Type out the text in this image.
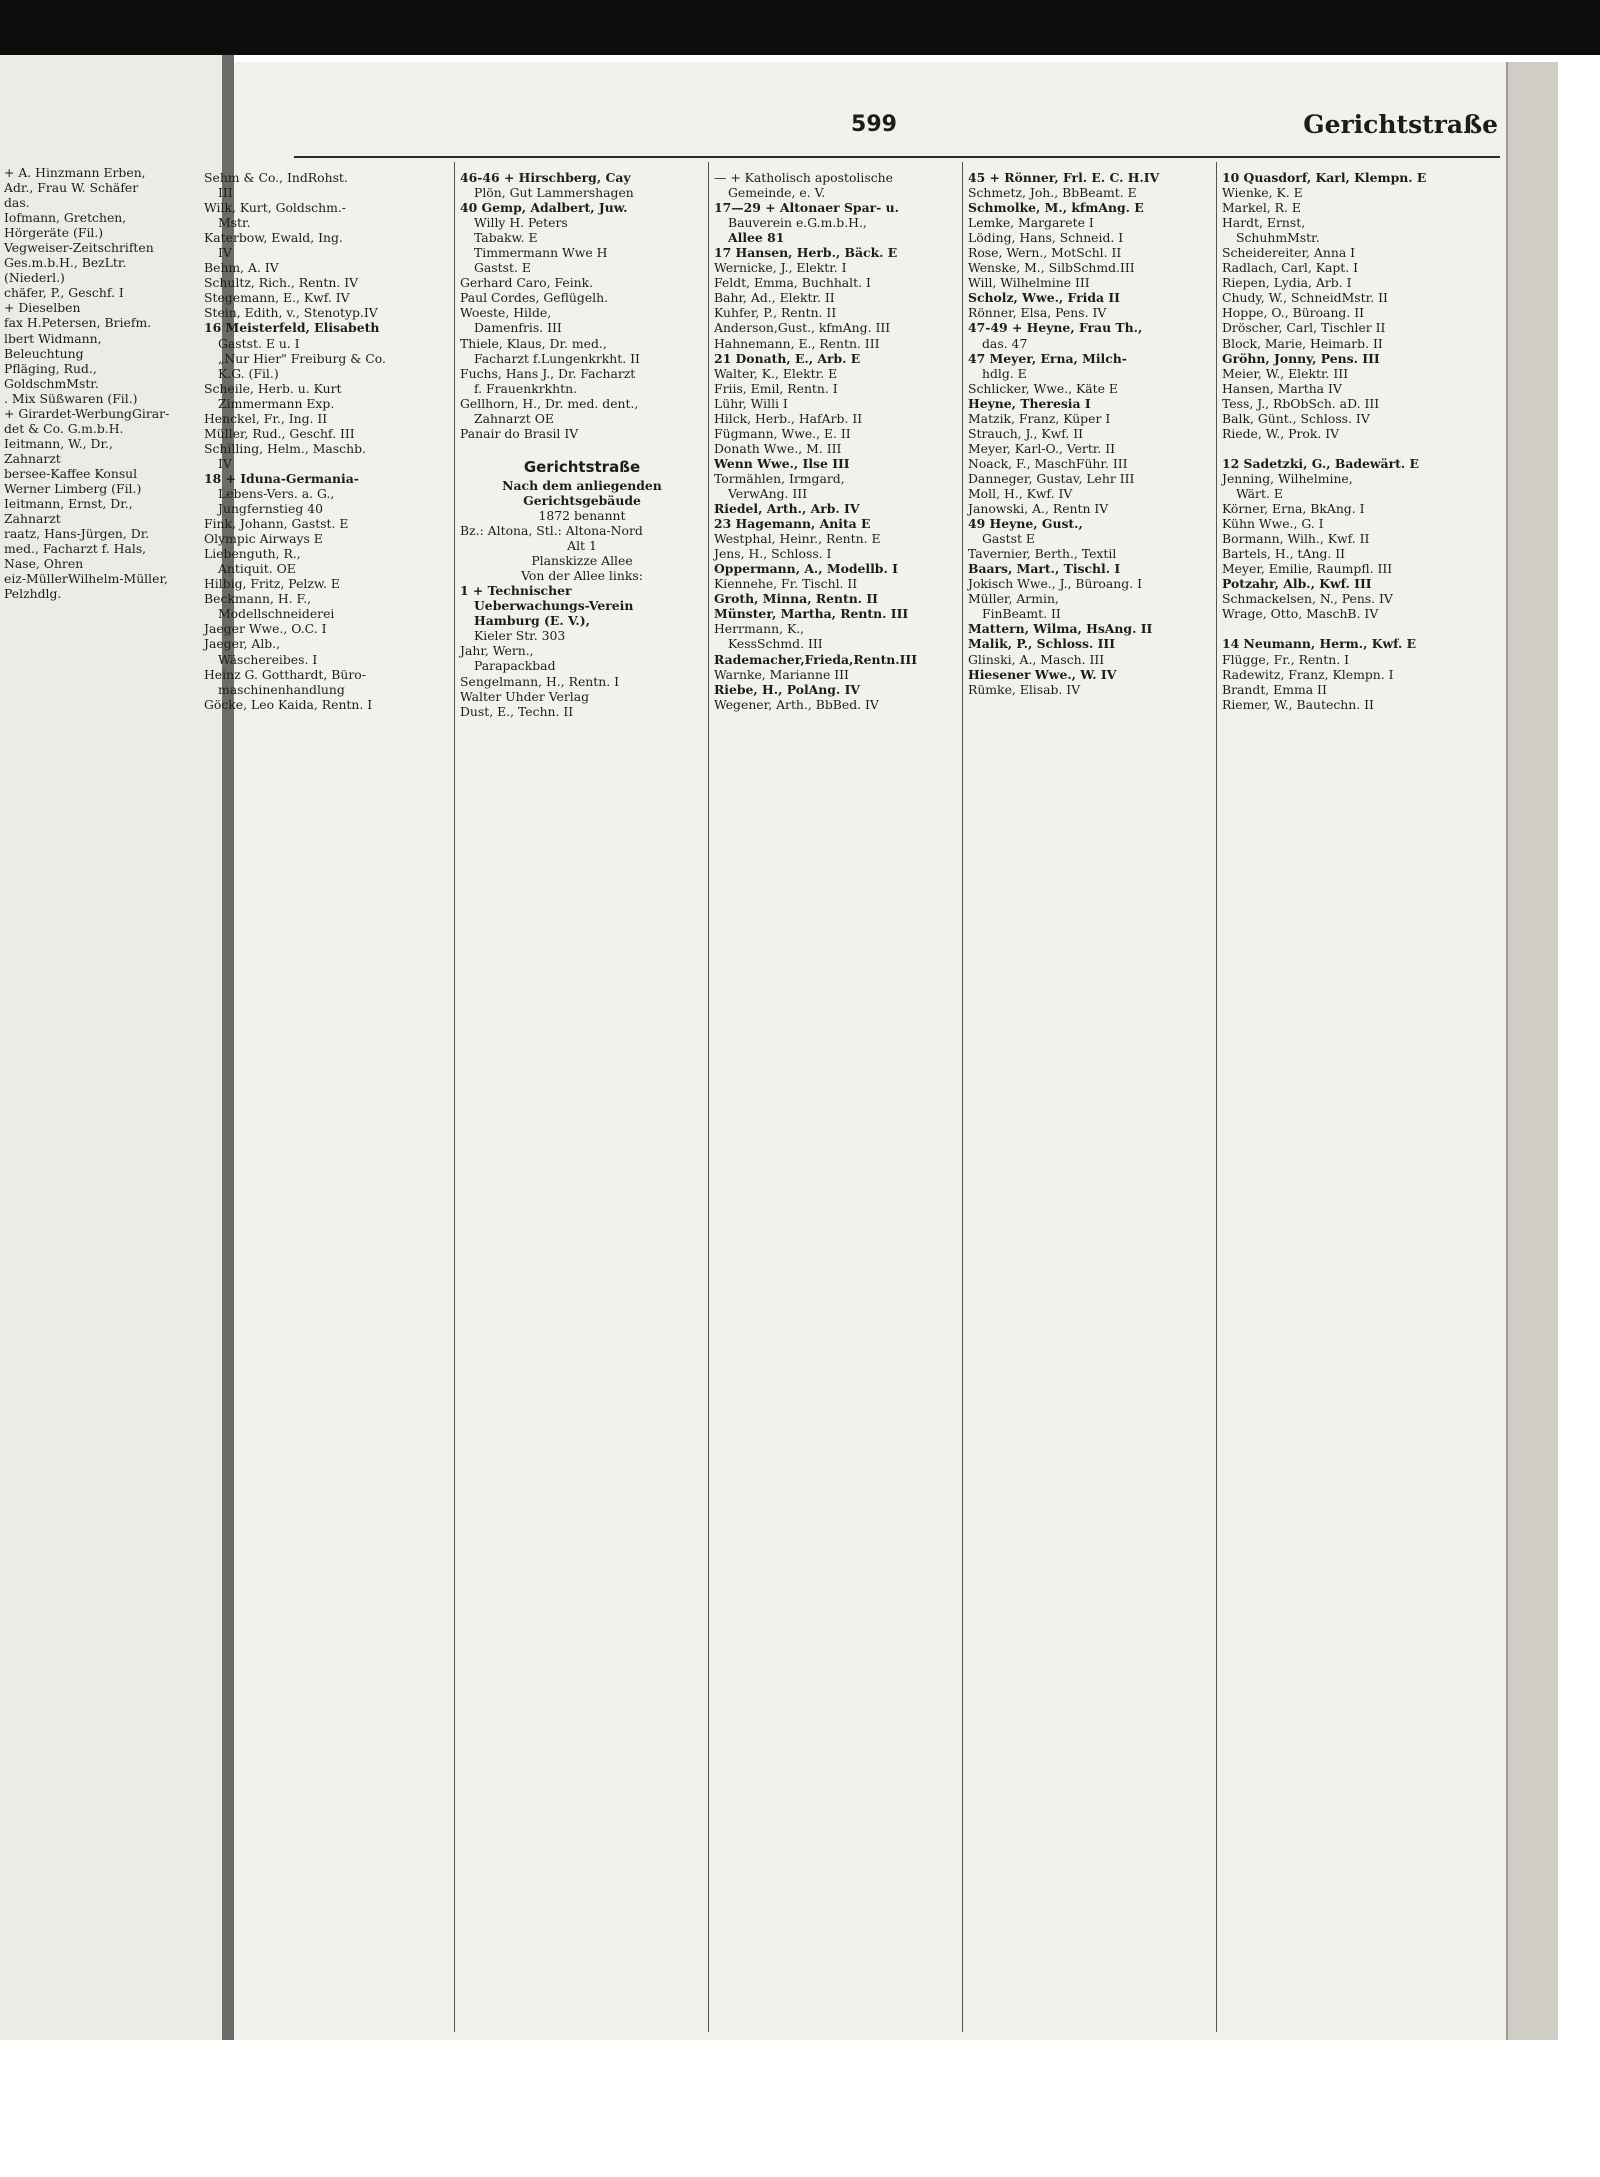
+ A. Hinzmann Erben,
Adr., Frau W. Schäfer
das.
Iofmann, Gretchen,
Hörgeräte (Fil.)
Vegweiser-Zeitschriften
Ges.m.b.H., BezLtr.
(Niederl.)
chäfer, P., Geschf. I
+ Dieselben
fax H.Petersen, Briefm.
lbert Widmann,
Beleuchtung
Pfläging, Rud.,
GoldschmMstr.
. Mix Süßwaren (Fil.)
+ Girardet-WerbungGirar-
det & Co. G.m.b.H.
Ieitmann, W., Dr.,
Zahnarzt
bersee-Kaffee Konsul
Werner Limberg (Fil.)
Ieitmann, Ernst, Dr.,
Zahnarzt
raatz, Hans-Jürgen, Dr.
med., Facharzt f. Hals,
Nase, Ohren
eiz-MüllerWilhelm-Müller,
Pelzhdlg.
599	Gerichtstraße
Sehm & Co., IndRohst.
III
Wilk, Kurt, Goldschm.-
Mstr.
Katerbow, Ewald, Ing.
IV
Behm, A. IV
Schultz, Rich., Rentn. IV
Stegemann, E., Kwf. IV
Stein, Edith, v., Stenotyp.IV
16 Meisterfeld, Elisabeth
Gastst. E u. I
„Nur Hier" Freiburg & Co.
K.G. (Fil.)
Scheile, Herb. u. Kurt
Zimmermann Exp.
Henckel, Fr., Ing. II
Müller, Rud., Geschf. III
Schilling, Helm., Maschb.
IV
18 + Iduna-Germania-
Lebens-Vers. a. G.,
Jungfernstieg 40
Fink, Johann, Gastst. E
Olympic Airways E
Liebenguth, R.,
Antiquit. OE
Hilbig, Fritz, Pelzw. E
Beckmann, H. F.,
Modellschneiderei
Jaeger Wwe., O.C. I
Jaeger, Alb.,
Wäschereibes. I
Heinz G. Gotthardt, Büro-
maschinenhandlung
Göcke, Leo Kaida, Rentn. I
46-46 + Hirschberg, Cay
Plön, Gut Lammershagen
40 Gemp, Adalbert, Juw.
Willy H. Peters
Tabakw. E
Timmermann Wwe H
Gastst. E
Gerhard Caro, Feink.
Paul Cordes, Geflügelh.
Woeste, Hilde,
Damenfris. III
Thiele, Klaus, Dr. med.,
Facharzt f.Lungenkrkht. II
Fuchs, Hans J., Dr. Facharzt
f. Frauenkrkhtn.
Gellhorn, H., Dr. med. dent.,
Zahnarzt OE
Panair do Brasil IV
Gerichtstraße
Nach dem anliegenden
Gerichtsgebäude
1872 benannt
Bz.: Altona, Stl.: Altona-Nord
Alt 1
Planskizze Allee
Von der Allee links:
1 + Technischer
Ueberwachungs-Verein
Hamburg (E. V.),
Kieler Str. 303
Jahr, Wern.,
Parapackbad
Sengelmann, H., Rentn. I
Walter Uhder Verlag
Dust, E., Techn. II
— + Katholisch apostolische
Gemeinde, e. V.
17—29 + Altonaer Spar- u.
Bauverein e.G.m.b.H.,
Allee 81
17 Hansen, Herb., Bäck. E
Wernicke, J., Elektr. I
Feldt, Emma, Buchhalt. I
Bahr, Ad., Elektr. II
Kuhfer, P., Rentn. II
Anderson,Gust., kfmAng. III
Hahnemann, E., Rentn. III
21 Donath, E., Arb. E
Walter, K., Elektr. E
Friis, Emil, Rentn. I
Lühr, Willi I
Hilck, Herb., HafArb. II
Fügmann, Wwe., E. II
Donath Wwe., M. III
Wenn Wwe., Ilse III
Tormählen, Irmgard,
VerwAng. III
Riedel, Arth., Arb. IV
23 Hagemann, Anita E
Westphal, Heinr., Rentn. E
Jens, H., Schloss. I
Oppermann, A., Modellb. I
Kiennehe, Fr. Tischl. II
Groth, Minna, Rentn. II
Münster, Martha, Rentn. III
Herrmann, K.,
KessSchmd. III
Rademacher,Frieda,Rentn.III
Warnke, Marianne III
Riebe, H., PolAng. IV
Wegener, Arth., BbBed. IV
45 + Rönner, Frl. E. C. H.IV
Schmetz, Joh., BbBeamt. E
Schmolke, M., kfmAng. E
Lemke, Margarete I
Löding, Hans, Schneid. I
Rose, Wern., MotSchl. II
Wenske, M., SilbSchmd.III
Will, Wilhelmine III
Scholz, Wwe., Frida II
Rönner, Elsa, Pens. IV
47-49 + Heyne, Frau Th.,
das. 47
47 Meyer, Erna, Milch-
hdlg. E
Schlicker, Wwe., Käte E
Heyne, Theresia I
Matzik, Franz, Küper I
Strauch, J., Kwf. II
Meyer, Karl-O., Vertr. II
Noack, F., MaschFühr. III
Danneger, Gustav, Lehr III
Moll, H., Kwf. IV
Janowski, A., Rentn IV
49 Heyne, Gust.,
Gastst E
Tavernier, Berth., Textil
Baars, Mart., Tischl. I
Jokisch Wwe., J., Büroang. I
Müller, Armin,
FinBeamt. II
Mattern, Wilma, HsAng. II
Malik, P., Schloss. III
Glinski, A., Masch. III
Hiesener Wwe., W. IV
Rümke, Elisab. IV
10 Quasdorf, Karl, Klempn. E
Wienke, K. E
Markel, R. E
Hardt, Ernst,
SchuhmMstr.
Scheidereiter, Anna I
Radlach, Carl, Kapt. I
Riepen, Lydia, Arb. I
Chudy, W., SchneidMstr. II
Hoppe, O., Büroang. II
Dröscher, Carl, Tischler II
Block, Marie, Heimarb. II
Gröhn, Jonny, Pens. III
Meier, W., Elektr. III
Hansen, Martha IV
Tess, J., RbObSch. aD. III
Balk, Günt., Schloss. IV
Riede, W., Prok. IV
12 Sadetzki, G., Badewärt. E
Jenning, Wilhelmine,
Wärt. E
Körner, Erna, BkAng. I
Kühn Wwe., G. I
Bormann, Wilh., Kwf. II
Bartels, H., tAng. II
Meyer, Emilie, Raumpfl. III
Potzahr, Alb., Kwf. III
Schmackelsen, N., Pens. IV
Wrage, Otto, MaschB. IV
14 Neumann, Herm., Kwf. E
Flügge, Fr., Rentn. I
Radewitz, Franz, Klempn. I
Brandt, Emma II
Riemer, W., Bautechn. II
